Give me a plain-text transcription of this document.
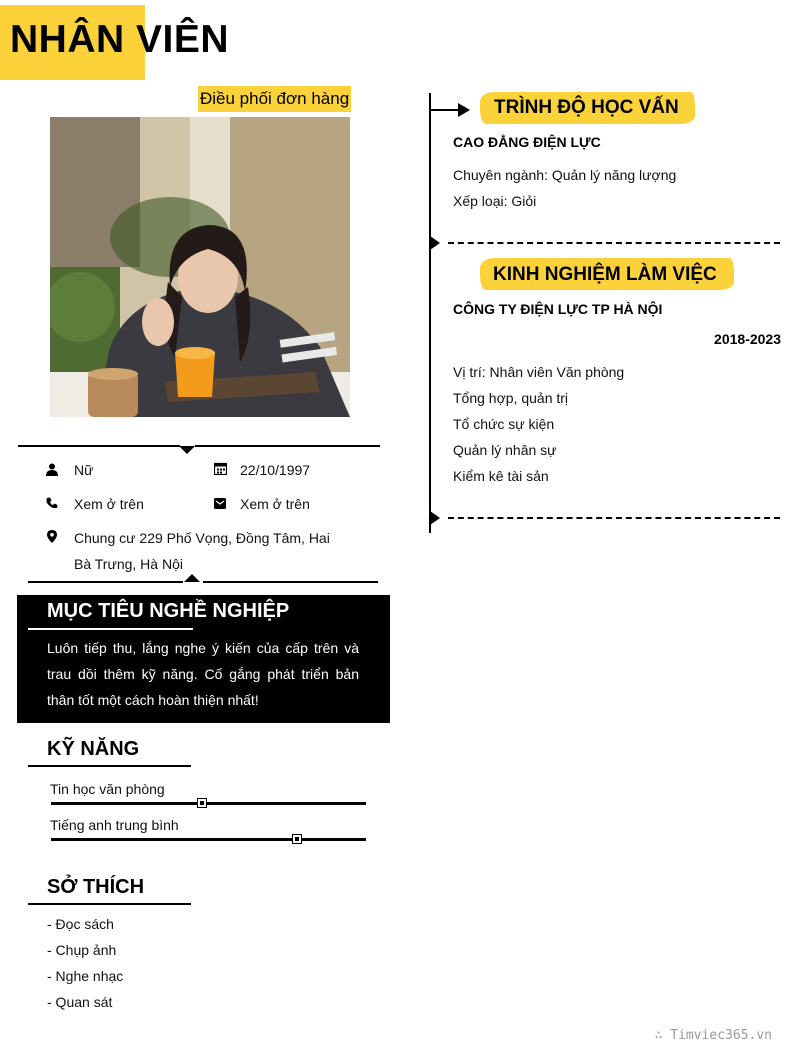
NHÂN VIÊN
Điều phối đơn hàng
Nữ	22/10/1997
Xem ở trên	Xem ở trên
Chung cư 229 Phố Vọng, Đồng Tâm, Hai Bà Trưng, Hà Nội
MỤC TIÊU NGHỀ NGHIỆP
Luôn tiếp thu, lắng nghe ý kiến của cấp trên và trau dồi thêm kỹ năng. Cố gắng phát triển bản thân tốt một cách hoàn thiện nhất!
KỸ NĂNG
Tin học văn phòng
Tiếng anh trung bình
SỞ THÍCH
- Đọc sách
- Chụp ảnh
- Nghe nhạc
- Quan sát
TRÌNH ĐỘ HỌC VẤN
CAO ĐẲNG ĐIỆN LỰC
Chuyên ngành: Quản lý năng lượng
Xếp loại: Giỏi
KINH NGHIỆM LÀM VIỆC
CÔNG TY ĐIỆN LỰC TP HÀ NỘI
2018-2023
Vị trí: Nhân viên Văn phòng
Tổng hợp, quản trị
Tổ chức sự kiện
Quản lý nhân sự
Kiểm kê tài sản
∴ Timviec365.vn
